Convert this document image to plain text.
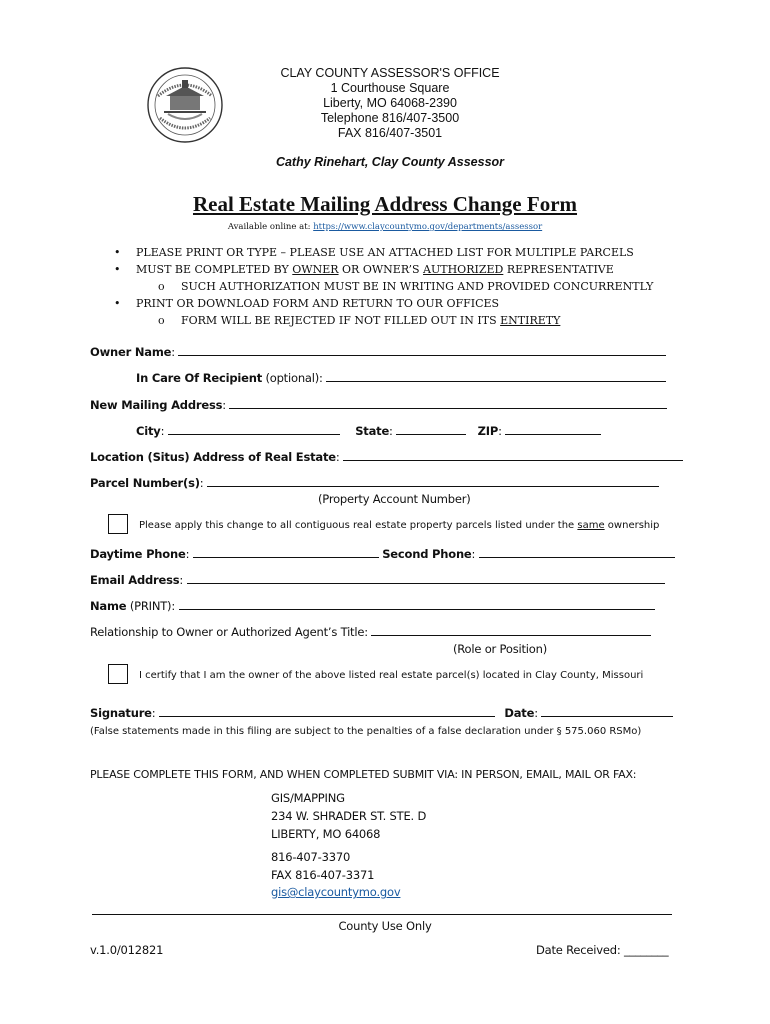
CLAY COUNTY ASSESSOR'S OFFICE
1 Courthouse Square
Liberty, MO 64068-2390
Telephone 816/407-3500
FAX 816/407-3501
Cathy Rinehart, Clay County Assessor
Real Estate Mailing Address Change Form
Available online at: https://www.claycountymo.gov/departments/assessor
• PLEASE PRINT OR TYPE – PLEASE USE AN ATTACHED LIST FOR MULTIPLE PARCELS
• MUST BE COMPLETED BY OWNER OR OWNER’S AUTHORIZED REPRESENTATIVE
o SUCH AUTHORIZATION MUST BE IN WRITING AND PROVIDED CONCURRENTLY
• PRINT OR DOWNLOAD FORM AND RETURN TO OUR OFFICES
o FORM WILL BE REJECTED IF NOT FILLED OUT IN ITS ENTIRETY
Owner Name:
In Care Of Recipient (optional):
New Mailing Address:
City:	State:	ZIP:
Location (Situs) Address of Real Estate:
Parcel Number(s):
(Property Account Number)
Please apply this change to all contiguous real estate property parcels listed under the same ownership
Daytime Phone:	Second Phone:
Email Address:
Name (PRINT):
Relationship to Owner or Authorized Agent’s Title:
(Role or Position)
I certify that I am the owner of the above listed real estate parcel(s) located in Clay County, Missouri
Signature:	Date:
(False statements made in this filing are subject to the penalties of a false declaration under § 575.060 RSMo)
PLEASE COMPLETE THIS FORM, AND WHEN COMPLETED SUBMIT VIA: IN PERSON, EMAIL, MAIL OR FAX:
GIS/MAPPING
234 W. SHRADER ST. STE. D
LIBERTY, MO 64068
816-407-3370
FAX 816-407-3371
gis@claycountymo.gov
County Use Only
v.1.0/012821	Date Received: ________
